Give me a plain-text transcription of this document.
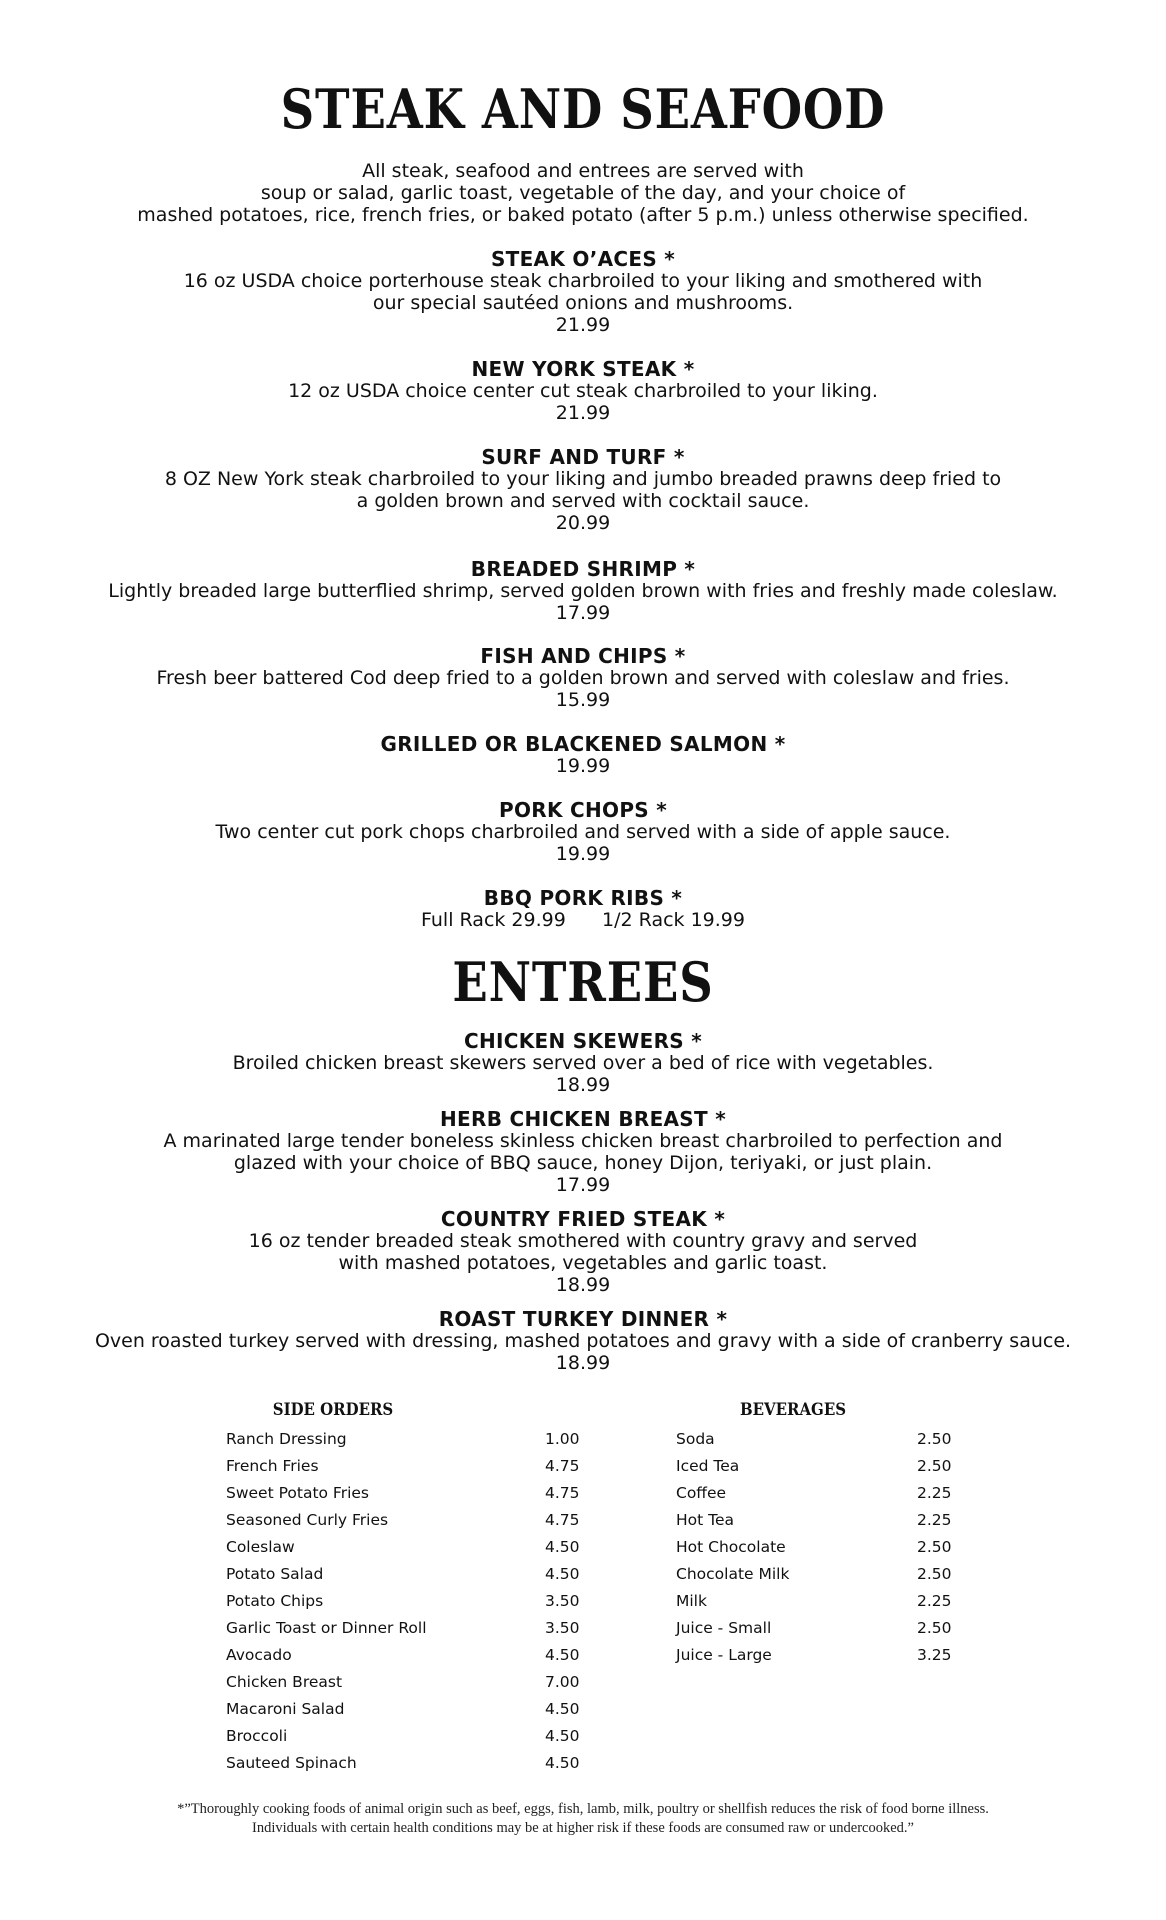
STEAK AND SEAFOOD
All steak, seafood and entrees are served with
soup or salad, garlic toast, vegetable of the day, and your choice of
mashed potatoes, rice, french fries, or baked potato (after 5 p.m.) unless otherwise specified.
STEAK O’ACES *
16 oz USDA choice porterhouse steak charbroiled to your liking and smothered with
our special sautéed onions and mushrooms.
21.99
NEW YORK STEAK *
12 oz USDA choice center cut steak charbroiled to your liking.
21.99
SURF AND TURF *
8 OZ New York steak charbroiled to your liking and jumbo breaded prawns deep fried to
a golden brown and served with cocktail sauce.
20.99
BREADED SHRIMP *
Lightly breaded large butterflied shrimp, served golden brown with fries and freshly made coleslaw.
17.99
FISH AND CHIPS *
Fresh beer battered Cod deep fried to a golden brown and served with coleslaw and fries.
15.99
GRILLED OR BLACKENED SALMON *
19.99
PORK CHOPS *
Two center cut pork chops charbroiled and served with a side of apple sauce.
19.99
BBQ PORK RIBS *
Full Rack 29.99      1/2 Rack 19.99
ENTREES
CHICKEN SKEWERS *
Broiled chicken breast skewers served over a bed of rice with vegetables.
18.99
HERB CHICKEN BREAST *
A marinated large tender boneless skinless chicken breast charbroiled to perfection and
glazed with your choice of BBQ sauce, honey Dijon, teriyaki, or just plain.
17.99
COUNTRY FRIED STEAK *
16 oz tender breaded steak smothered with country gravy and served
with mashed potatoes, vegetables and garlic toast.
18.99
ROAST TURKEY DINNER *
Oven roasted turkey served with dressing, mashed potatoes and gravy with a side of cranberry sauce.
18.99
SIDE ORDERS
Ranch Dressing	1.00
French Fries	4.75
Sweet Potato Fries	4.75
Seasoned Curly Fries	4.75
Coleslaw	4.50
Potato Salad	4.50
Potato Chips	3.50
Garlic Toast or Dinner Roll	3.50
Avocado	4.50
Chicken Breast	7.00
Macaroni Salad	4.50
Broccoli	4.50
Sauteed Spinach	4.50
BEVERAGES
Soda	2.50
Iced Tea	2.50
Coffee	2.25
Hot Tea	2.25
Hot Chocolate	2.50
Chocolate Milk	2.50
Milk	2.25
Juice - Small	2.50
Juice - Large	3.25
*”Thoroughly cooking foods of animal origin such as beef, eggs, fish, lamb, milk, poultry or shellfish reduces the risk of food borne illness.
Individuals with certain health conditions may be at higher risk if these foods are consumed raw or undercooked.”
